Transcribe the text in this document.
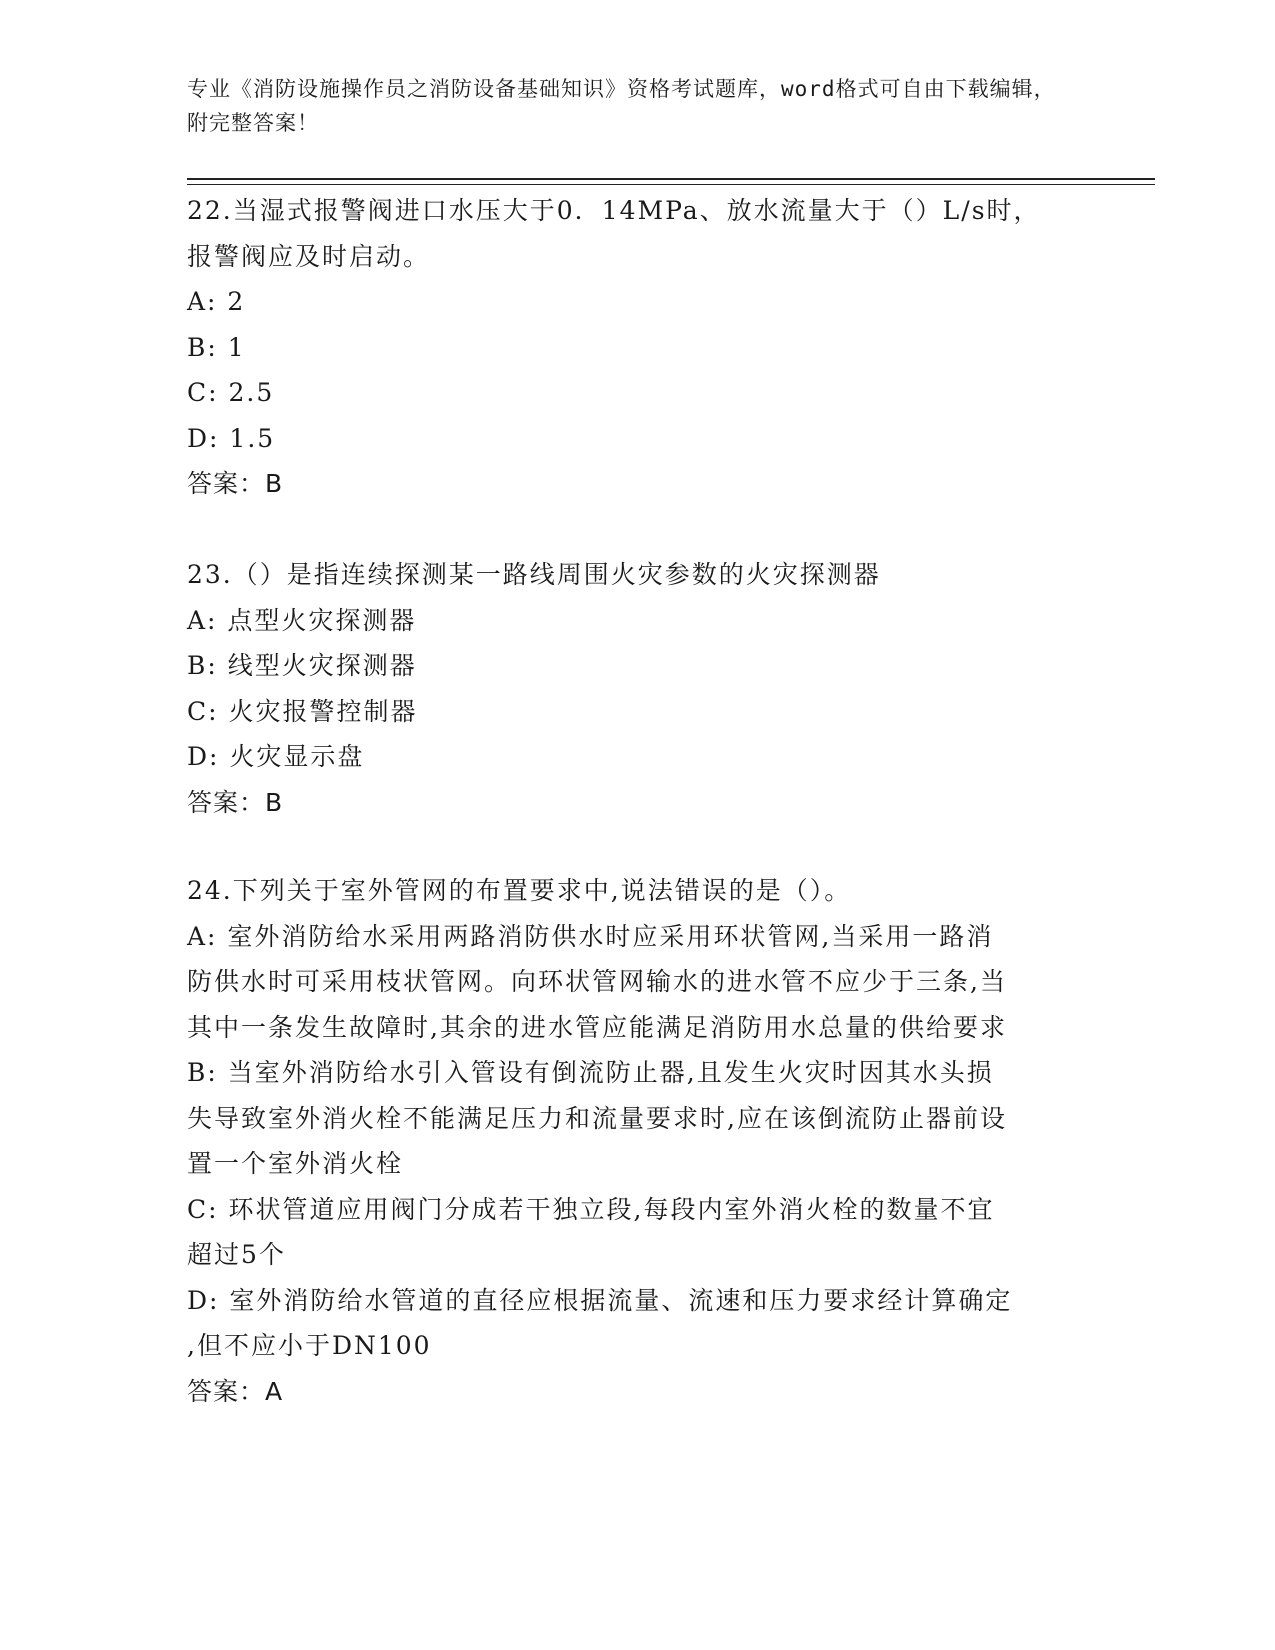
专业《消防设施操作员之消防设备基础知识》资格考试题库，word格式可自由下载编辑，附完整答案！
22.当湿式报警阀进口水压大于0．14MPa、放水流量大于（）L/s时，
报警阀应及时启动。
A: 2
B: 1
C: 2.5
D: 1.5
答案：B
23.（）是指连续探测某一路线周围火灾参数的火灾探测器
A: 点型火灾探测器
B: 线型火灾探测器
C: 火灾报警控制器
D: 火灾显示盘
答案：B
24.下列关于室外管网的布置要求中,说法错误的是（）。
A: 室外消防给水采用两路消防供水时应采用环状管网,当采用一路消
防供水时可采用枝状管网。向环状管网输水的进水管不应少于三条,当
其中一条发生故障时,其余的进水管应能满足消防用水总量的供给要求
B: 当室外消防给水引入管设有倒流防止器,且发生火灾时因其水头损
失导致室外消火栓不能满足压力和流量要求时,应在该倒流防止器前设
置一个室外消火栓
C: 环状管道应用阀门分成若干独立段,每段内室外消火栓的数量不宜
超过5个
D: 室外消防给水管道的直径应根据流量、流速和压力要求经计算确定
,但不应小于DN100
答案：A
